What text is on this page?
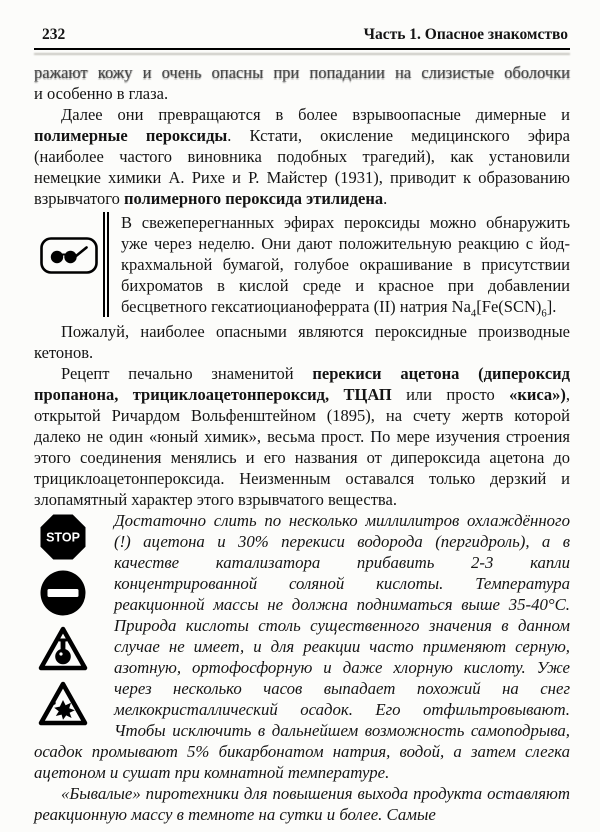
232	Часть 1. Опасное знакомство

ражают кожу и очень опасны при попадании на слизистые оболочки

и особенно в глаза.

Далее они превращаются в более взрывоопасные димерные и полимерные пероксиды. Кстати, окисление медицинского эфира (наиболее частого виновника подобных трагедий), как установили немецкие химики А. Рихе и Р. Майстер (1931), приводит к образованию взрывчатого полимерного пероксида этилидена.

В свежеперегнанных эфирах пероксиды можно обнаружить уже через неделю. Они дают положительную реакцию с йод-крахмальной бумагой, голубое окрашивание в присутствии бихроматов в кислой среде и красное при добавлении бесцветного гексатиоцианоферрата (II) натрия $Na_4[Fe(SCN)_6]$.

Пожалуй, наиболее опасными являются пероксидные производные кетонов.

Рецепт печально знаменитой перекиси ацетона (дипероксид пропанона, трициклоацетонпероксид, ТЦАП или просто «киса»), открытой Ричардом Вольфенштейном (1895), на счету жертв которой далеко не один «юный химик», весьма прост. По мере изучения строения этого соединения менялись и его названия от дипероксида ацетона до трициклоацетонпероксида. Неизменным оставался только дерзкий и злопамятный характер этого взрывчатого вещества.

STOP

Достаточно слить по несколько миллилитров охлаждённого (!) ацетона и 30% перекиси водорода (пергидроль), а в качестве катализатора прибавить 2-3 капли концентрированной соляной кислоты. Температура реакционной массы не должна подниматься выше 35-40°С. Природа кислоты столь существенного значения в данном случае не имеет, и для реакции часто применяют серную, азотную, ортофосфорную и даже хлорную кислоту. Уже через несколько часов выпадает похожий на снег мелкокристаллический осадок. Его отфильтровывают. Чтобы исключить в дальнейшем возможность самоподрыва, осадок промывают 5% бикарбонатом натрия, водой, а затем слегка ацетоном и сушат при комнатной температуре.

«Бывалые» пиротехники для повышения выхода продукта оставляют реакционную массу в темноте на сутки и более. Самые
